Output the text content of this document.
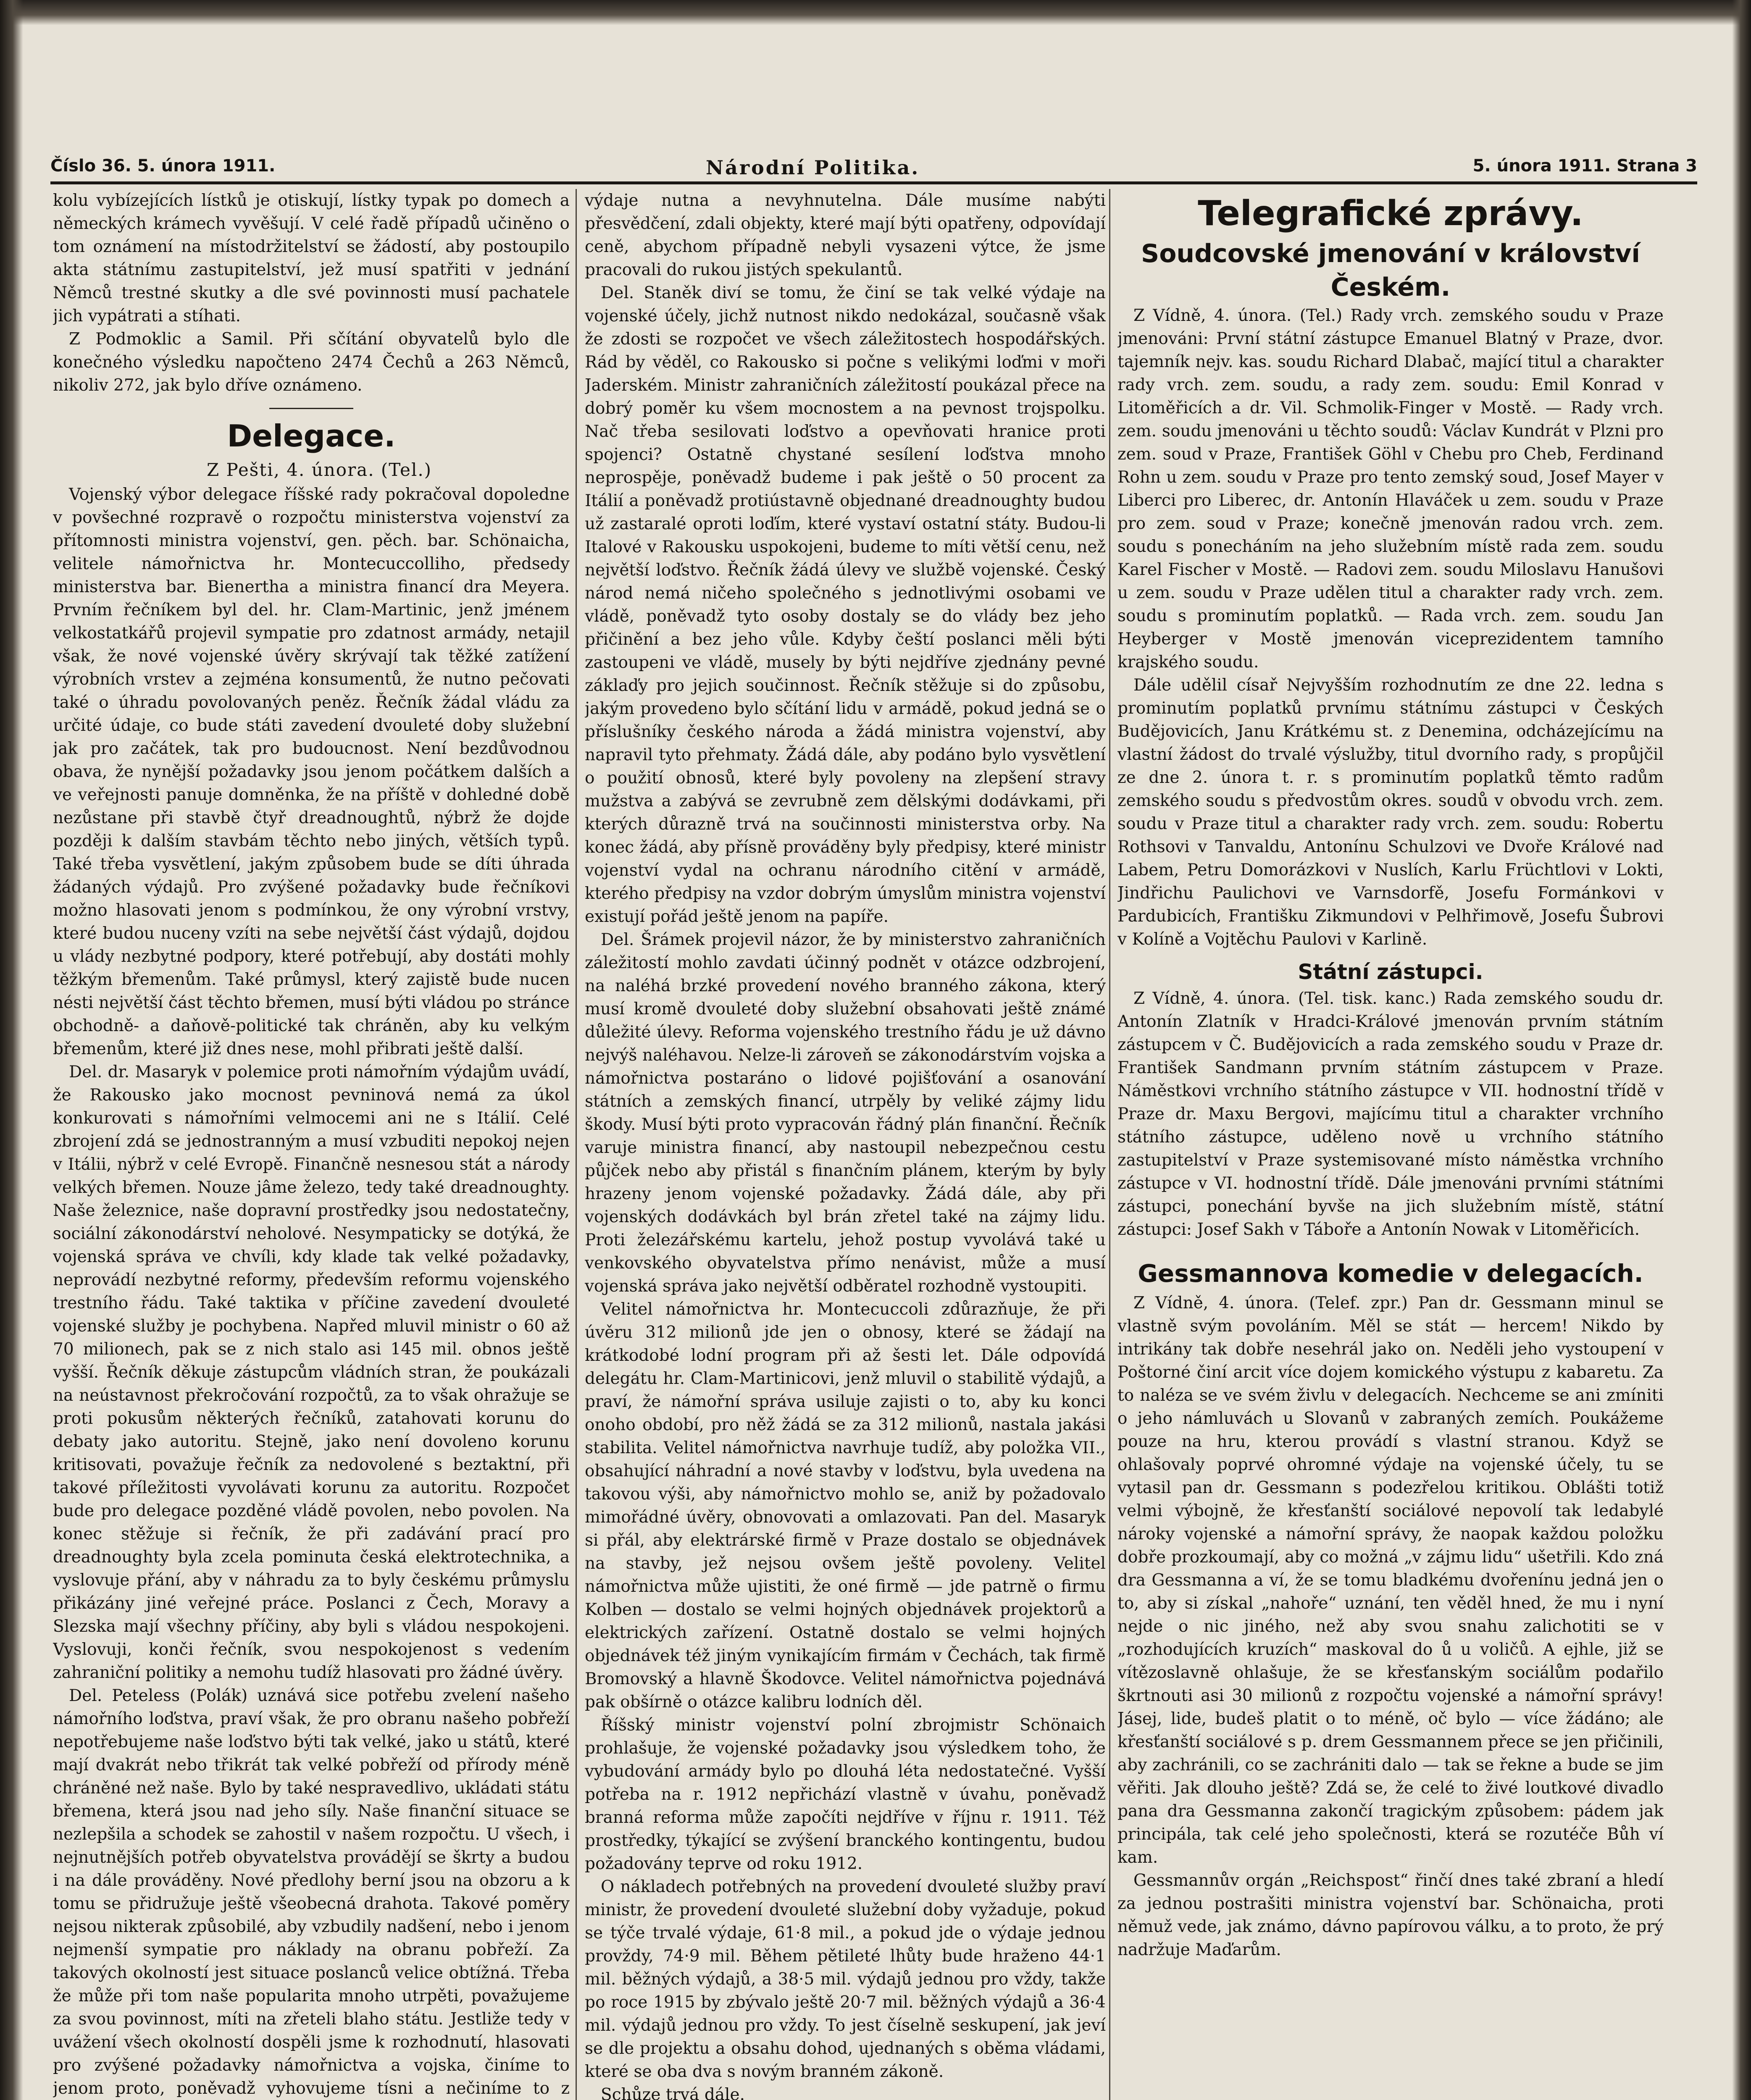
Číslo 36. 5. února 1911.	Národní Politika.	5. února 1911. Strana 3

kolu vybízejících lístků je otiskují, lístky typak po domech a německých krámech vyvěšují. V celé řadě případů učiněno o tom oznámení na místodržitelství se žádostí, aby postoupilo akta státnímu zastupitelství, jež musí spatřiti v jednání Němců trestné skutky a dle své povinnosti musí pachatele jich vypátrati a stíhati.

Z Podmoklic a Samil. Při sčítání obyvatelů bylo dle konečného výsledku napočteno 2474 Čechů a 263 Němců, nikoliv 272, jak bylo dříve oznámeno.

Delegace.

Z Pešti, 4. února. (Tel.)

Vojenský výbor delegace říšské rady pokračoval dopoledne v povšechné rozpravě o rozpočtu ministerstva vojenství za přítomnosti ministra vojenství, gen. pěch. bar. Schönaicha, velitele námořnictva hr. Montecuccolliho, předsedy ministerstva bar. Bienertha a ministra financí dra Meyera. Prvním řečníkem byl del. hr. Clam-Martinic, jenž jménem velkostatkářů projevil sympatie pro zdatnost armády, netajil však, že nové vojenské úvěry skrývají tak těžké zatížení výrobních vrstev a zejména konsumentů, že nutno pečovati také o úhradu povolovaných peněz. Řečník žádal vládu za určité údaje, co bude státi zavedení dvouleté doby služební jak pro začátek, tak pro budoucnost. Není bezdůvodnou obava, že nynější požadavky jsou jenom počátkem dalších a ve veřejnosti panuje domněnka, že na příště v dohledné době nezůstane při stavbě čtyř dreadnoughtů, nýbrž že dojde později k dalším stavbám těchto nebo jiných, větších typů. Také třeba vysvětlení, jakým způsobem bude se díti úhrada žádaných výdajů. Pro zvýšené požadavky bude řečníkovi možno hlasovati jenom s podmínkou, že ony výrobní vrstvy, které budou nuceny vzíti na sebe největší část výdajů, dojdou u vlády nezbytné podpory, které potřebují, aby dostáti mohly těžkým břemenům. Také průmysl, který zajistě bude nucen nésti největší část těchto břemen, musí býti vládou po stránce obchodně- a daňově-politické tak chráněn, aby ku velkým břemenům, které již dnes nese, mohl přibrati ještě další.

Del. dr. Masaryk v polemice proti námořním výdajům uvádí, že Rakousko jako mocnost pevninová nemá za úkol konkurovati s námořními velmocemi ani ne s Itálií. Celé zbrojení zdá se jednostranným a musí vzbuditi nepokoj nejen v Itálii, nýbrž v celé Evropě. Finančně nesnesou stát a národy velkých břemen. Nouze jâme železo, tedy také dreadnoughty. Naše železnice, naše dopravní prostředky jsou nedostatečny, sociální zákonodárství neholové. Nesympatickу se dotýká, že vojenská správa ve chvíli, kdy klade tak velké požadavky, neprovádí nezbytné reformy, především reformu vojenského trestního řádu. Také taktika v příčine zavedení dvouleté vojenské služby je pochybena. Napřed mluvil ministr o 60 až 70 milionech, pak se z nich stalo asi 145 mil. obnos ještě vyšší. Řečník děkuje zástupcům vládních stran, že poukázali na neústavnost překročování rozpočtů, za to však ohražuje se proti pokusům některých řečníků, zatahovati korunu do debaty jako autoritu. Stejně, jako není dovoleno korunu kritisovati, považuje řečník za nedovolené s beztaktní, při takové příležitosti vyvolávati korunu za autoritu. Rozpočet bude pro delegace pozděné vládě povolen, nebo povolen. Na konec stěžuje si řečník, že při zadávání prací pro dreadnoughty byla zcela pominuta česká elektrotechnika, a vyslovuje přání, aby v náhradu za to byly českému průmyslu přikázány jiné veřejné práce. Poslanci z Čech, Moravy a Slezska mají všechny příčiny, aby byli s vládou nespokojeni. Vyslovuji, konči řečník, svou nespokojenost s vedením zahraniční politiky a nemohu tudíž hlasovati pro žádné úvěry.

Del. Peteless (Polák) uznává sice potřebu zvelení našeho námořního loďstva, praví však, že pro obranu našeho pobřeží nepotřebujeme naše loďstvo býti tak velké, jako u států, které mají dvakrát nebo třikrát tak velké pobřeží od přírody méně chráněné než naše. Bylo by také nespravedlivo, ukládati státu břemena, která jsou nad jeho síly. Naše finanční situace se nezlepšila a schodek se zahostil v našem rozpočtu. U všech, i nejnutnějších potřeb obyvatelstva provádějí se škrty a budou i na dále prováděny. Nové předlohy berní jsou na obzoru a k tomu se přidružuje ještě všeobecná drahota. Takové poměry nejsou nikterak způsobilé, aby vzbudily nadšení, nebo i jenom nejmenší sympatie pro náklady na obranu pobřeží. Za takových okolností jest situace poslanců velice obtížná. Třeba že může při tom naše popularita mnoho utrpěti, považujeme za svou povinnost, míti na zřeteli blaho státu. Jestliže tedy v uvážení všech okolností dospěli jsme k rozhodnutí, hlasovati pro zvýšené požadavky námořnictva a vojska, činíme to jenom proto, poněvadž vyhovujeme tísni a nečiníme to z

výdaje nutna a nevyhnutelna. Dále musíme nabýti přesvědčení, zdali objekty, které mají býti opatřeny, odpovídají ceně, abychom případně nebyli vysazeni výtce, že jsme pracovali do rukou jistých spekulantů.

Del. Staněk diví se tomu, že činí se tak velké výdaje na vojenské účely, jichž nutnost nikdo nedokázal, současně však že zdosti se rozpočet ve všech záležitostech hospodářských. Rád by věděl, co Rakousko si počne s velikými loďmi v moři Jaderském. Ministr zahraničních záležitostí poukázal přece na dobrý poměr ku všem mocnostem a na pevnost trojspolku. Nač třeba sesilovati loďstvo a opevňovati hranice proti spojenci? Ostatně chystané sesílení loďstva mnoho neprospěje, poněvadž budeme i pak ještě o 50 procent za Itálií a poněvadž protiústavně objednané dreadnoughty budou už zastaralé oproti loďím, které vystaví ostatní státy. Budou-li Italové v Rakousku uspokojeni, budeme to míti větší cenu, než největší loďstvo. Řečník žádá úlevy ve službě vojenské. Český národ nemá ničeho společného s jednotlivými osobami ve vládě, poněvadž tyto osoby dostaly se do vlády bez jeho přičinění a bez jeho vůle. Kdyby čeští poslanci měli býti zastoupeni ve vládě, musely by býti nejdříve zjednány pevné záklaďy pro jejich součinnost. Řečník stěžuje si do způsobu, jakým provedeno bylo sčítání lidu v armádě, pokud jedná se o příslušníky českého národa a žádá ministra vojenství, aby napravil tyto přehmaty. Žádá dále, aby podáno bylo vysvětlení o použití obnosů, které byly povoleny na zlepšení stravy mužstva a zabývá se zevrubně zem dělskými dodávkami, při kterých důrazně trvá na součinnosti ministerstva orby. Na konec žádá, aby přísně prováděny byly předpisy, které ministr vojenství vydal na ochranu národního citění v armádě, kterého předpisy na vzdor dobrým úmyslům ministra vojenství existují pořád ještě jenom na papíře.

Del. Šrámek projevil názor, že by ministerstvo zahraničních záležitostí mohlo zavdati účinný podnět v otázce odzbrojení, na naléhá brzké provedení nového branného zákona, který musí kromě dvouleté doby služební obsahovati ještě známé důležité úlevy. Reforma vojenského trestního řádu je už dávno nejvýš naléhavou. Nelze-li zároveň se zákonodárstvím vojska a námořnictva postaráno o lidové pojišťování a osanování státních a zemských financí, utrpěly by veliké zájmy lidu škody. Musí býti proto vypracován řádný plán finanční. Řečník varuje ministra financí, aby nastoupil nebezpečnou cestu půjček nebo aby přistál s finančním plánem, kterým by byly hrazeny jenom vojenské požadavky. Žádá dále, aby při vojenských dodávkách byl brán zřetel také na zájmy lidu. Proti železářskému kartelu, jehož postup vyvolává také u venkovského obyvatelstva přímo nenávist, může a musí vojenská správa jako největší odběratel rozhodně vystoupiti.

Velitel námořnictva hr. Montecuccoli zdůrazňuje, že při úvěru 312 milionů jde jen o obnosy, které se žádají na krátkodobé lodní program při až šesti let. Dále odpovídá delegátu hr. Clam-Martinicovi, jenž mluvil o stabilitě výdajů, a praví, že námořní správa usiluje zajisti o to, aby ku konci onoho období, pro něž žádá se za 312 milionů, nastala jakási stabilita. Velitel námořnictva navrhuje tudíž, aby položka VII., obsahující náhradní a nové stavby v loďstvu, byla uvedena na takovou výši, aby námořnictvo mohlo se, aniž by požadovalo mimořádné úvěry, obnovovati a omlazovati. Pan del. Masaryk si přál, aby elektrárské firmě v Praze dostalo se objednávek na stavby, jež nejsou ovšem ještě povoleny. Velitel námořnictva může ujistiti, že oné firmě — jde patrně o firmu Kolben — dostalo se velmi hojných objednávek projektorů a elektrických zařízení. Ostatně dostalo se velmi hojných objednávek též jiným vynikajícím firmám v Čechách, tak firmě Bromovský a hlavně Škodovce. Velitel námořnictva pojednává pak obšírně o otázce kalibru lodních děl.

Říšský ministr vojenství polní zbrojmistr Schönaich prohlašuje, že vojenské požadavky jsou výsledkem toho, že vybudování armády bylo po dlouhá léta nedostatečné. Vyšší potřeba na r. 1912 nepřichází vlastně v úvahu, poněvadž branná reforma může započíti nejdříve v říjnu r. 1911. Též prostředky, týkající se zvýšení branckého kontingentu, budou požadovány teprve od roku 1912.

O nákladech potřebných na provedení dvouleté služby praví ministr, že provedení dvouleté služební doby vyžaduje, pokud se týče trvalé výdaje, 61·8 mil., a pokud jde o výdaje jednou provždy, 74·9 mil. Během pětileté lhůty bude hraženo 44·1 mil. běžných výdajů, a 38·5 mil. výdajů jednou pro vždy, takže po roce 1915 by zbývalo ještě 20·7 mil. běžných výdajů a 36·4 mil. výdajů jednou pro vždy. To jest číselně seskupení, jak jeví se dle projektu a obsahu dohod, ujednaných s oběma vládami, které se oba dva s novým branném zákoně.

Schůze trvá dále.

Telegrafické zprávy.
Soudcovské jmenování v království Českém.

Z Vídně, 4. února. (Tel.) Rady vrch. zemského soudu v Praze jmenováni: První státní zástupce Emanuel Blatný v Praze, dvor. tajemník nejv. kas. soudu Richard Dlabač, mající titul a charakter rady vrch. zem. soudu, a rady zem. soudu: Emil Konrad v Litoměřicích a dr. Vil. Schmolik-Finger v Mostě. — Rady vrch. zem. soudu jmenováni u těchto soudů: Václav Kundrát v Plzni pro zem. soud v Praze, František Göhl v Chebu pro Cheb, Ferdinand Rohn u zem. soudu v Praze pro tento zemský soud, Josef Mayer v Liberci pro Liberec, dr. Antonín Hlaváček u zem. soudu v Praze pro zem. soud v Praze; konečně jmenován radou vrch. zem. soudu s ponecháním na jeho služebním místě rada zem. soudu Karel Fischer v Mostě. — Radovi zem. soudu Miloslavu Hanušovi u zem. soudu v Praze udělen titul a charakter rady vrch. zem. soudu s prominutím poplatků. — Rada vrch. zem. soudu Jan Heyberger v Mostě jmenován viceprezidentem tamního krajského soudu.

Dále udělil císař Nejvyšším rozhodnutím ze dne 22. ledna s prominutím poplatků prvnímu státnímu zástupci v Českých Budějovicích, Janu Krátkému st. z Denemina, odcházejícímu na vlastní žádost do trvalé výslužby, titul dvorního rady, s propůjčil ze dne 2. února t. r. s prominutím poplatků těmto radům zemského soudu s předvostům okres. soudů v obvodu vrch. zem. soudu v Praze titul a charakter rady vrch. zem. soudu: Robertu Rothsovi v Tanvaldu, Antonínu Schulzovi ve Dvoře Králové nad Labem, Petru Domorázkovi v Nuslích, Karlu Früchtlovi v Lokti, Jindřichu Paulichovi ve Varnsdorfě, Josefu Formánkovi v Pardubicích, Františku Zikmundovi v Pelhřimově, Josefu Šubrovi v Kolíně a Vojtěchu Paulovi v Karlině.

Státní zástupci.

Z Vídně, 4. února. (Tel. tisk. kanc.) Rada zemského soudu dr. Antonín Zlatník v Hradci-Králové jmenován prvním státním zástupcem v Č. Budějovicích a rada zemského soudu v Praze dr. František Sandmann prvním státním zástupcem v Praze. Náměstkovi vrchního státního zástupce v VII. hodnostní třídě v Praze dr. Maxu Bergovi, majícímu titul a charakter vrchního státního zástupce, uděleno nově u vrchního státního zastupitelství v Praze systemisované místo náměstka vrchního zástupce v VI. hodnostní třídě. Dále jmenováni prvními státními zástupci, ponechání byvše na jich služebním místě, státní zástupci: Josef Sakh v Táboře a Antonín Nowak v Litoměřicích.

Gessmannova komedie v delegacích.

Z Vídně, 4. února. (Telef. zpr.) Pan dr. Gessmann minul se vlastně svým povoláním. Měl se stát — hercem! Nikdo by intrikány tak dobře nesehrál jako on. Neděli jeho vystoupení v Poštorné činí arcit více dojem komického výstupu z kabaretu. Za to naléza se ve svém živlu v delegacích. Nechceme se ani zmíniti o jeho námluvách u Slovanů v zabraných zemích. Poukážeme pouze na hru, kterou provádí s vlastní stranou. Když se ohlašovaly poprvé ohromné výdaje na vojenské účely, tu se vytasil pan dr. Gessmann s podezřelou kritikou. Oblášti totiž velmi výbojně, že křesťanští sociálové nepovolí tak ledabylé nároky vojenské a námořní správy, že naopak každou položku dobře prozkoumají, aby co možná „v zájmu lidu“ ušetřili. Kdo zná dra Gessmanna a ví, že se tomu bladkému dvořenínu jedná jen o to, aby si získal „nahoře“ uznání, ten věděl hned, že mu i nyní nejde o nic jiného, než aby svou snahu zalichotiti se v „rozhodujících kruzích“ maskoval do ů u voličů. A ejhle, již se vítězoslavně ohlašuje, že se křesťanským sociálům podařilo škrtnouti asi 30 milionů z rozpočtu vojenské a námořní správy! Jásej, lide, budeš platit o to méně, oč bylo — více žádáno; ale křesťanští sociálové s p. drem Gessmannem přece se jen přičinili, aby zachránili, co se zachrániti dalo — tak se řekne a bude se jim věřiti. Jak dlouho ještě? Zdá se, že celé to živé loutkové divadlo pana dra Gessmanna zakončí tragickým způsobem: pádem jak principála, tak celé jeho společnosti, která se rozutéče Bůh ví kam.

Gessmannův orgán „Reichspost“ řinčí dnes také zbraní a hledí za jednou postrašiti ministra vojenství bar. Schönaicha, proti němuž vede, jak známo, dávno papírovou válku, a to proto, že prý nadržuje Maďarům.
